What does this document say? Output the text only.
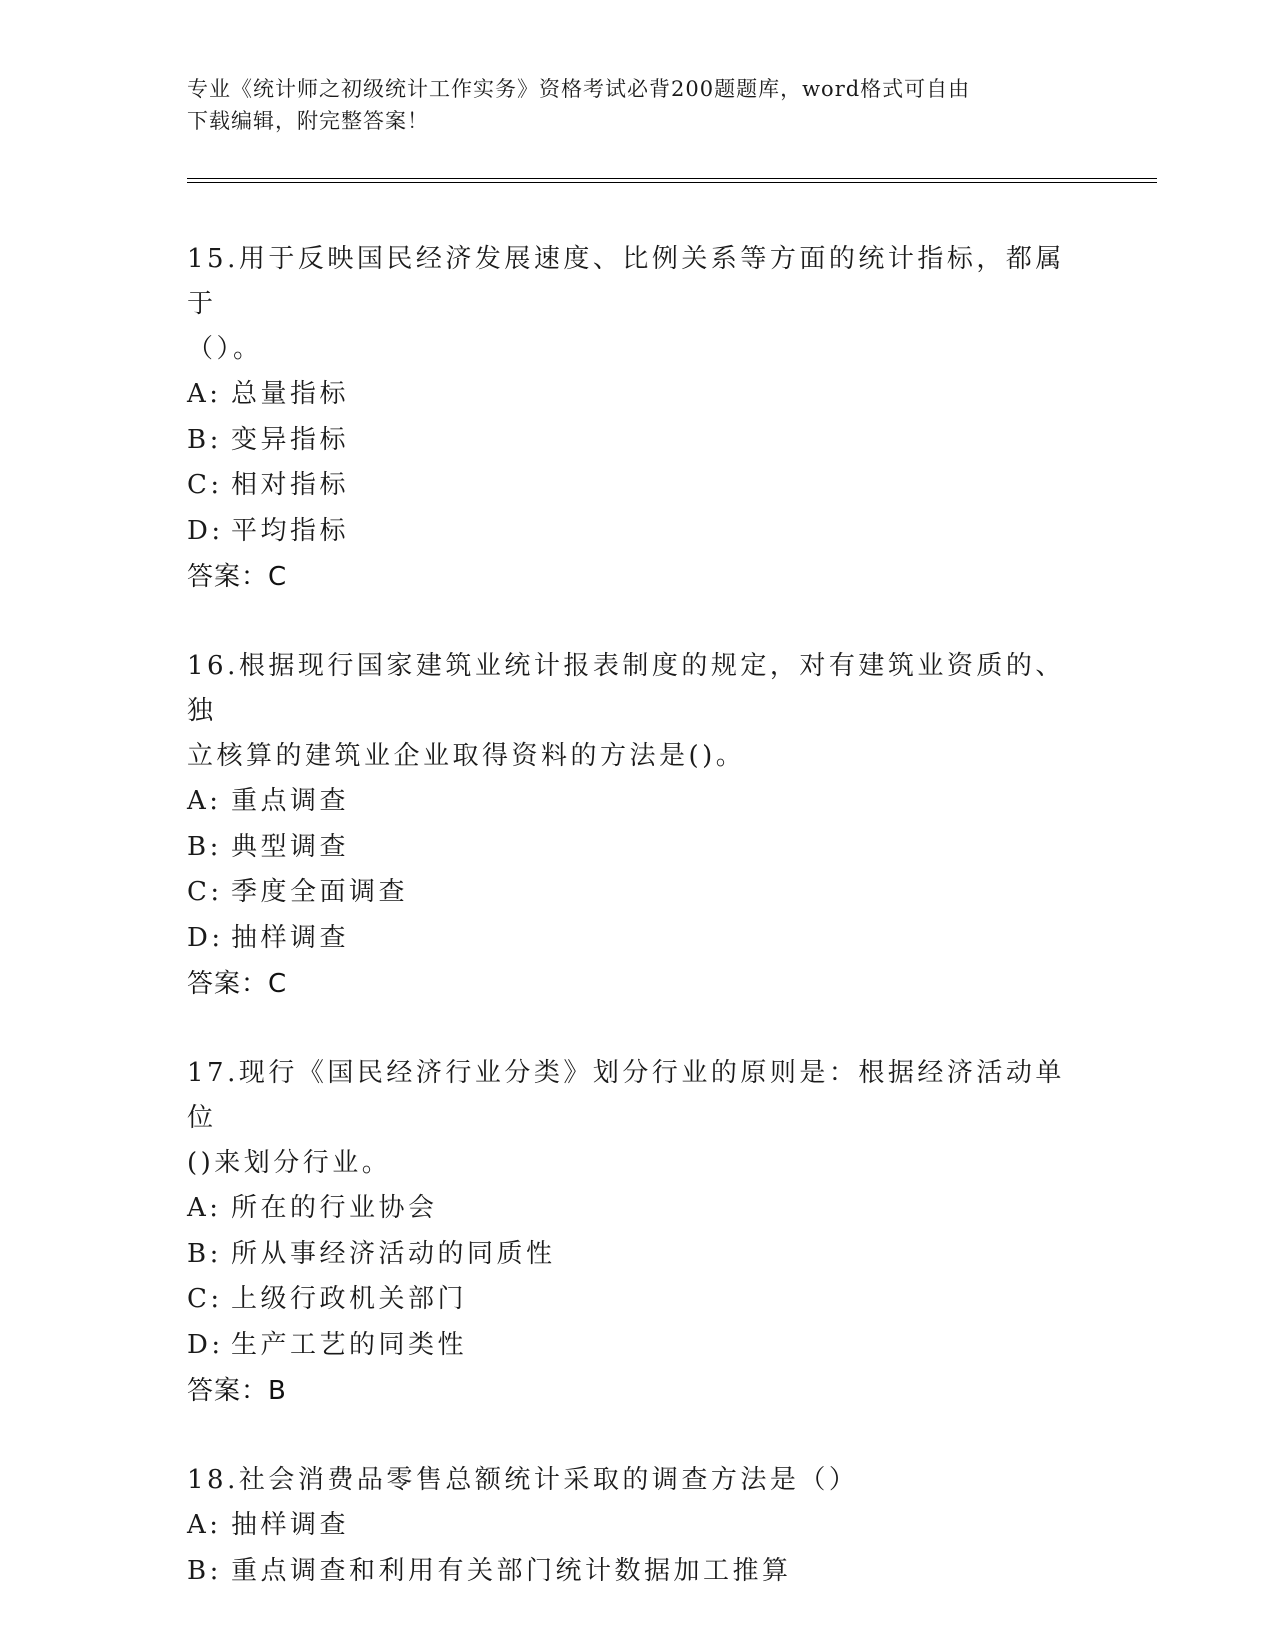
专业《统计师之初级统计工作实务》资格考试必背200题题库，word格式可自由
下载编辑，附完整答案！

15.用于反映国民经济发展速度、比例关系等方面的统计指标，都属于

（）。

A: 总量指标

B: 变异指标

C: 相对指标

D: 平均指标

答案：C

16.根据现行国家建筑业统计报表制度的规定，对有建筑业资质的、独

立核算的建筑业企业取得资料的方法是()。

A: 重点调查

B: 典型调查

C: 季度全面调查

D: 抽样调查

答案：C

17.现行《国民经济行业分类》划分行业的原则是：根据经济活动单位

()来划分行业。

A: 所在的行业协会

B: 所从事经济活动的同质性

C: 上级行政机关部门

D: 生产工艺的同类性

答案：B

18.社会消费品零售总额统计采取的调查方法是（）

A: 抽样调查

B: 重点调查和利用有关部门统计数据加工推算
